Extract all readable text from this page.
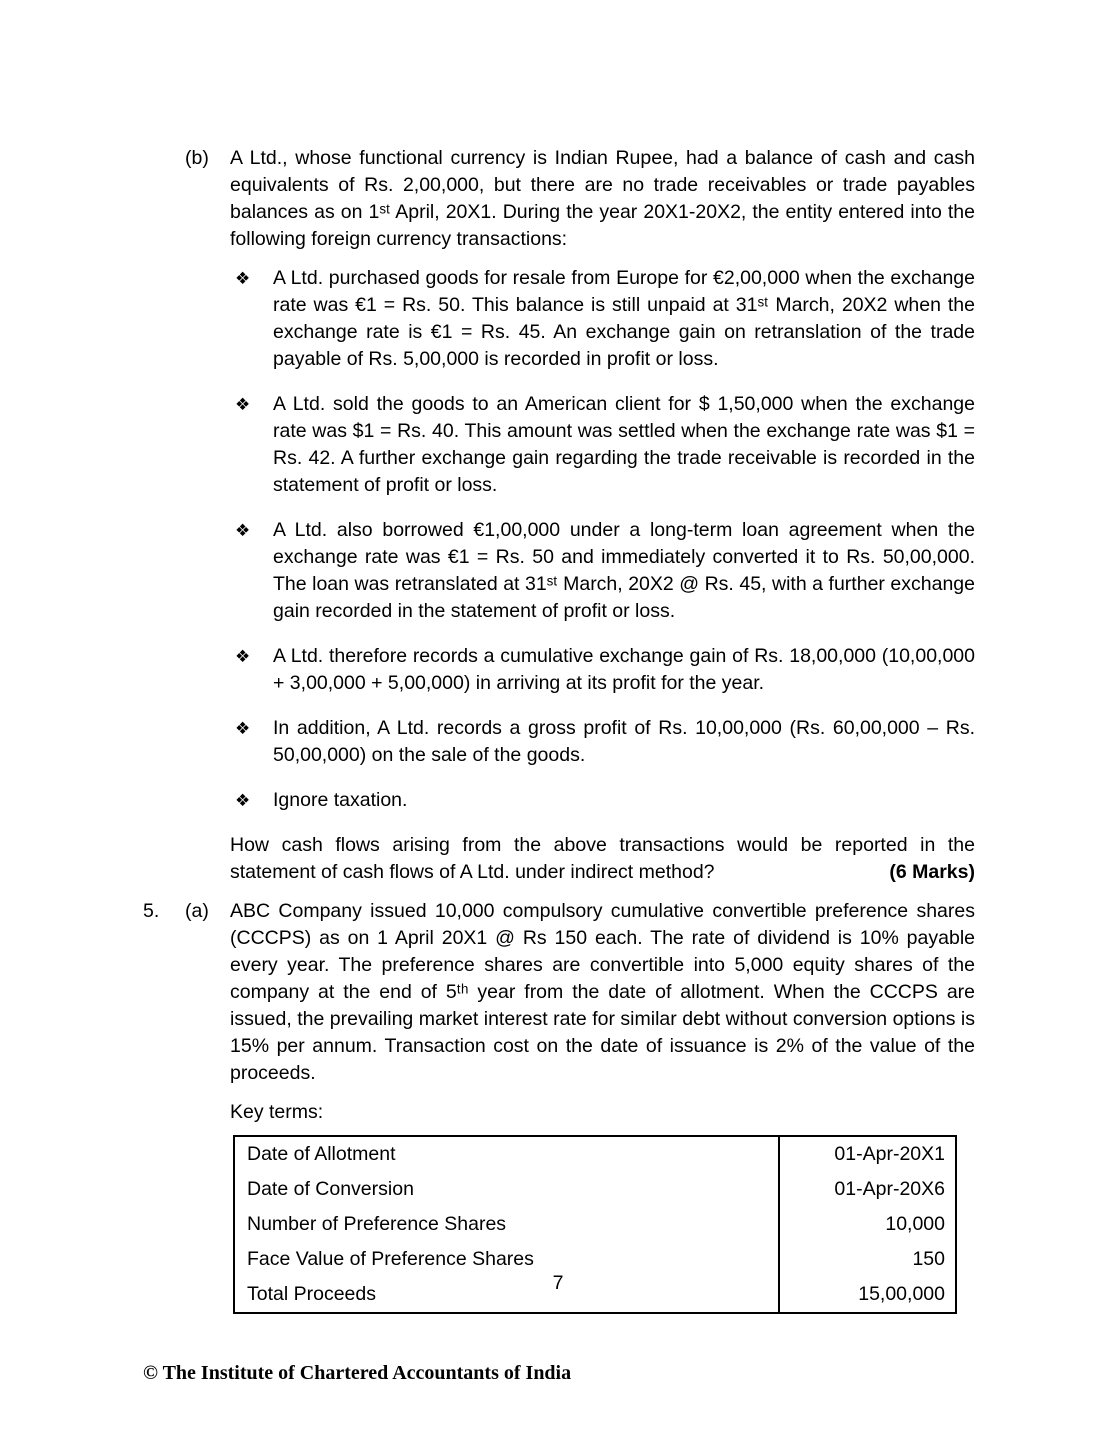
(b)	A Ltd., whose functional currency is Indian Rupee, had a balance of cash and cash equivalents of Rs. 2,00,000, but there are no trade receivables or trade payables balances as on 1ˢᵗ April, 20X1. During the year 20X1-20X2, the entity entered into the following foreign currency transactions:
❖	A Ltd. purchased goods for resale from Europe for €2,00,000 when the exchange rate was €1 = Rs. 50. This balance is still unpaid at 31ˢᵗ March, 20X2 when the exchange rate is €1 = Rs. 45. An exchange gain on retranslation of the trade payable of Rs. 5,00,000 is recorded in profit or loss.
❖	A Ltd. sold the goods to an American client for $ 1,50,000 when the exchange rate was $1 = Rs. 40. This amount was settled when the exchange rate was $1 = Rs. 42. A further exchange gain regarding the trade receivable is recorded in the statement of profit or loss.
❖	A Ltd. also borrowed €1,00,000 under a long-term loan agreement when the exchange rate was €1 = Rs. 50 and immediately converted it to Rs. 50,00,000. The loan was retranslated at 31ˢᵗ March, 20X2 @ Rs. 45, with a further exchange gain recorded in the statement of profit or loss.
❖	A Ltd. therefore records a cumulative exchange gain of Rs. 18,00,000 (10,00,000 + 3,00,000 + 5,00,000) in arriving at its profit for the year.
❖	In addition, A Ltd. records a gross profit of Rs. 10,00,000 (Rs. 60,00,000 – Rs. 50,00,000) on the sale of the goods.
❖	Ignore taxation.

How cash flows arising from the above transactions would be reported in the statement of cash flows of A Ltd. under indirect method?	(6 Marks)

5.	(a)	ABC Company issued 10,000 compulsory cumulative convertible preference shares (CCCPS) as on 1 April 20X1 @ Rs 150 each. The rate of dividend is 10% payable every year. The preference shares are convertible into 5,000 equity shares of the company at the end of 5ᵗʰ year from the date of allotment. When the CCCPS are issued, the prevailing market interest rate for similar debt without conversion options is 15% per annum. Transaction cost on the date of issuance is 2% of the value of the proceeds.

Key terms:

Date of Allotment	01-Apr-20X1
Date of Conversion	01-Apr-20X6
Number of Preference Shares	10,000
Face Value of Preference Shares	150
Total Proceeds	15,00,000
7
© The Institute of Chartered Accountants of India
